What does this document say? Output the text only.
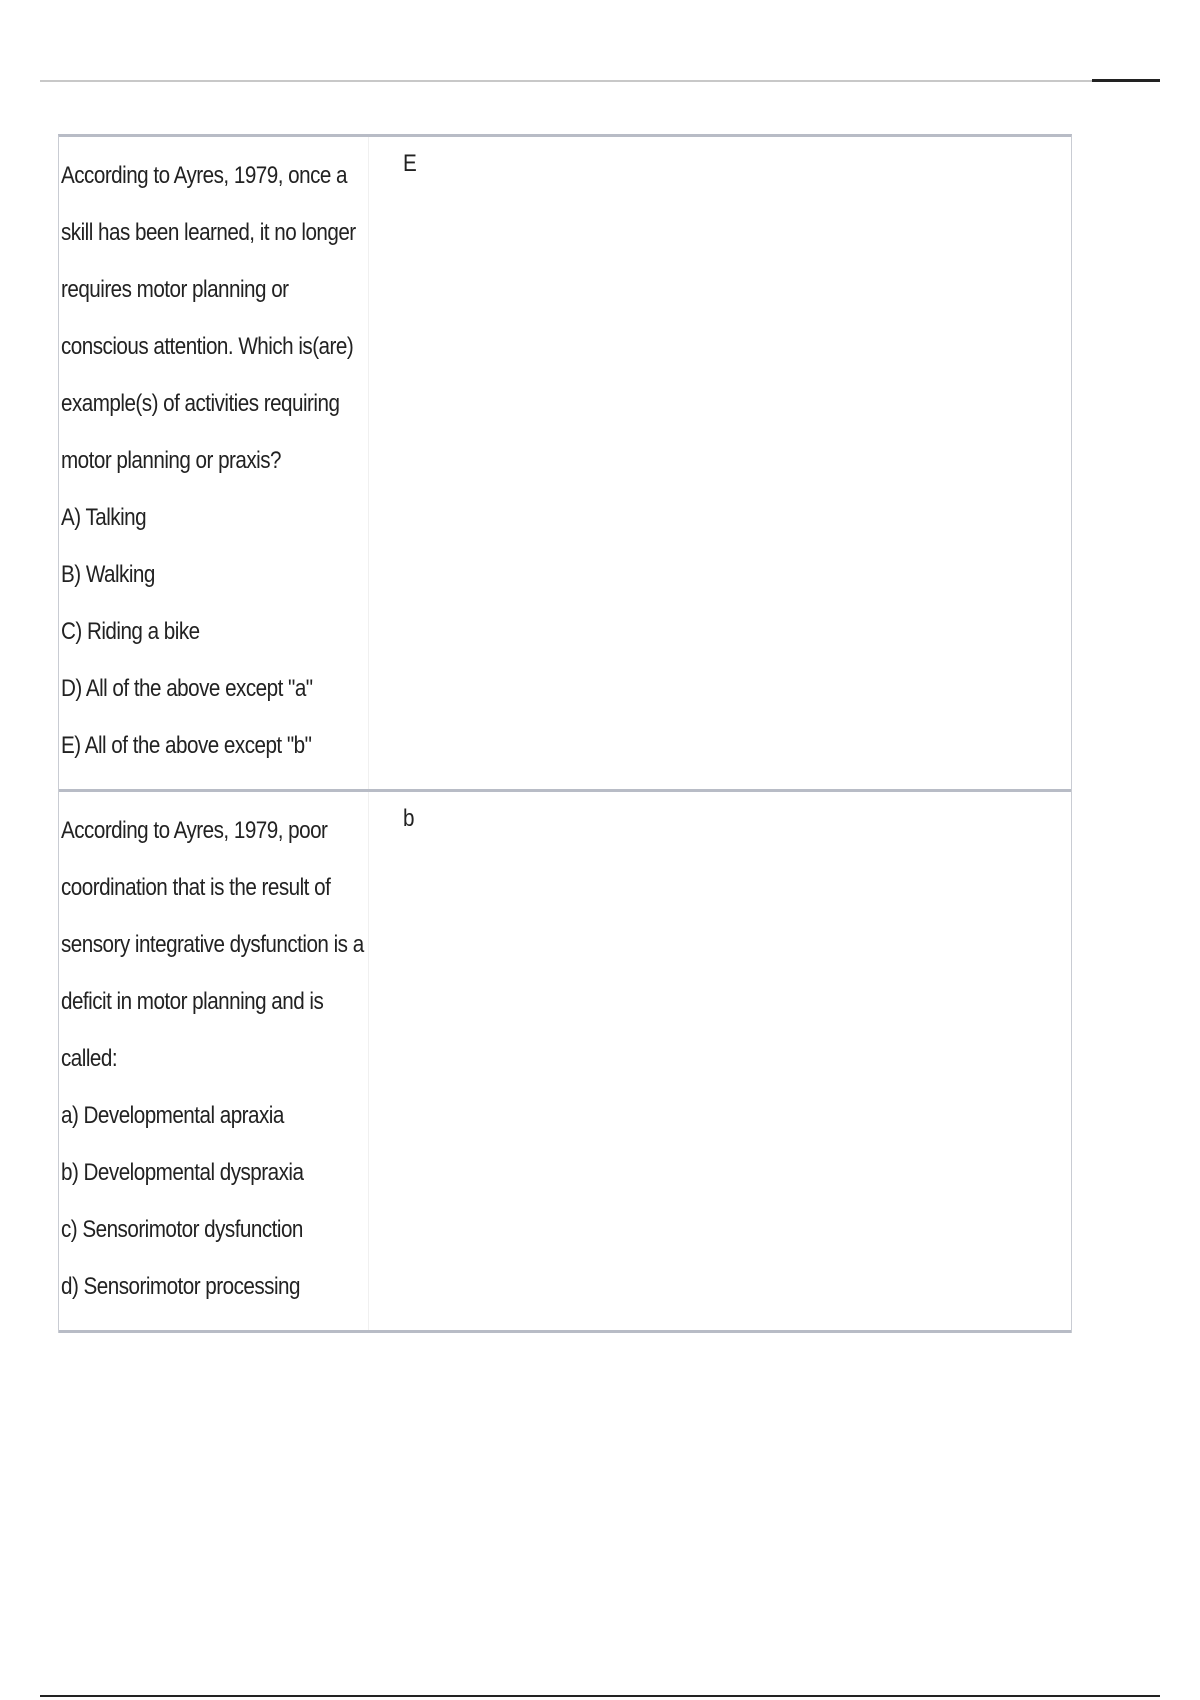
According to Ayres, 1979, once a
skill has been learned, it no longer
requires motor planning or
conscious attention. Which is(are)
example(s) of activities requiring
motor planning or praxis?
A) Talking
B) Walking
C) Riding a bike
D) All of the above except "a"
E) All of the above except "b"
E
According to Ayres, 1979, poor
coordination that is the result of
sensory integrative dysfunction is a
deficit in motor planning and is
called:
a) Developmental apraxia
b) Developmental dyspraxia
c) Sensorimotor dysfunction
d) Sensorimotor processing
b
